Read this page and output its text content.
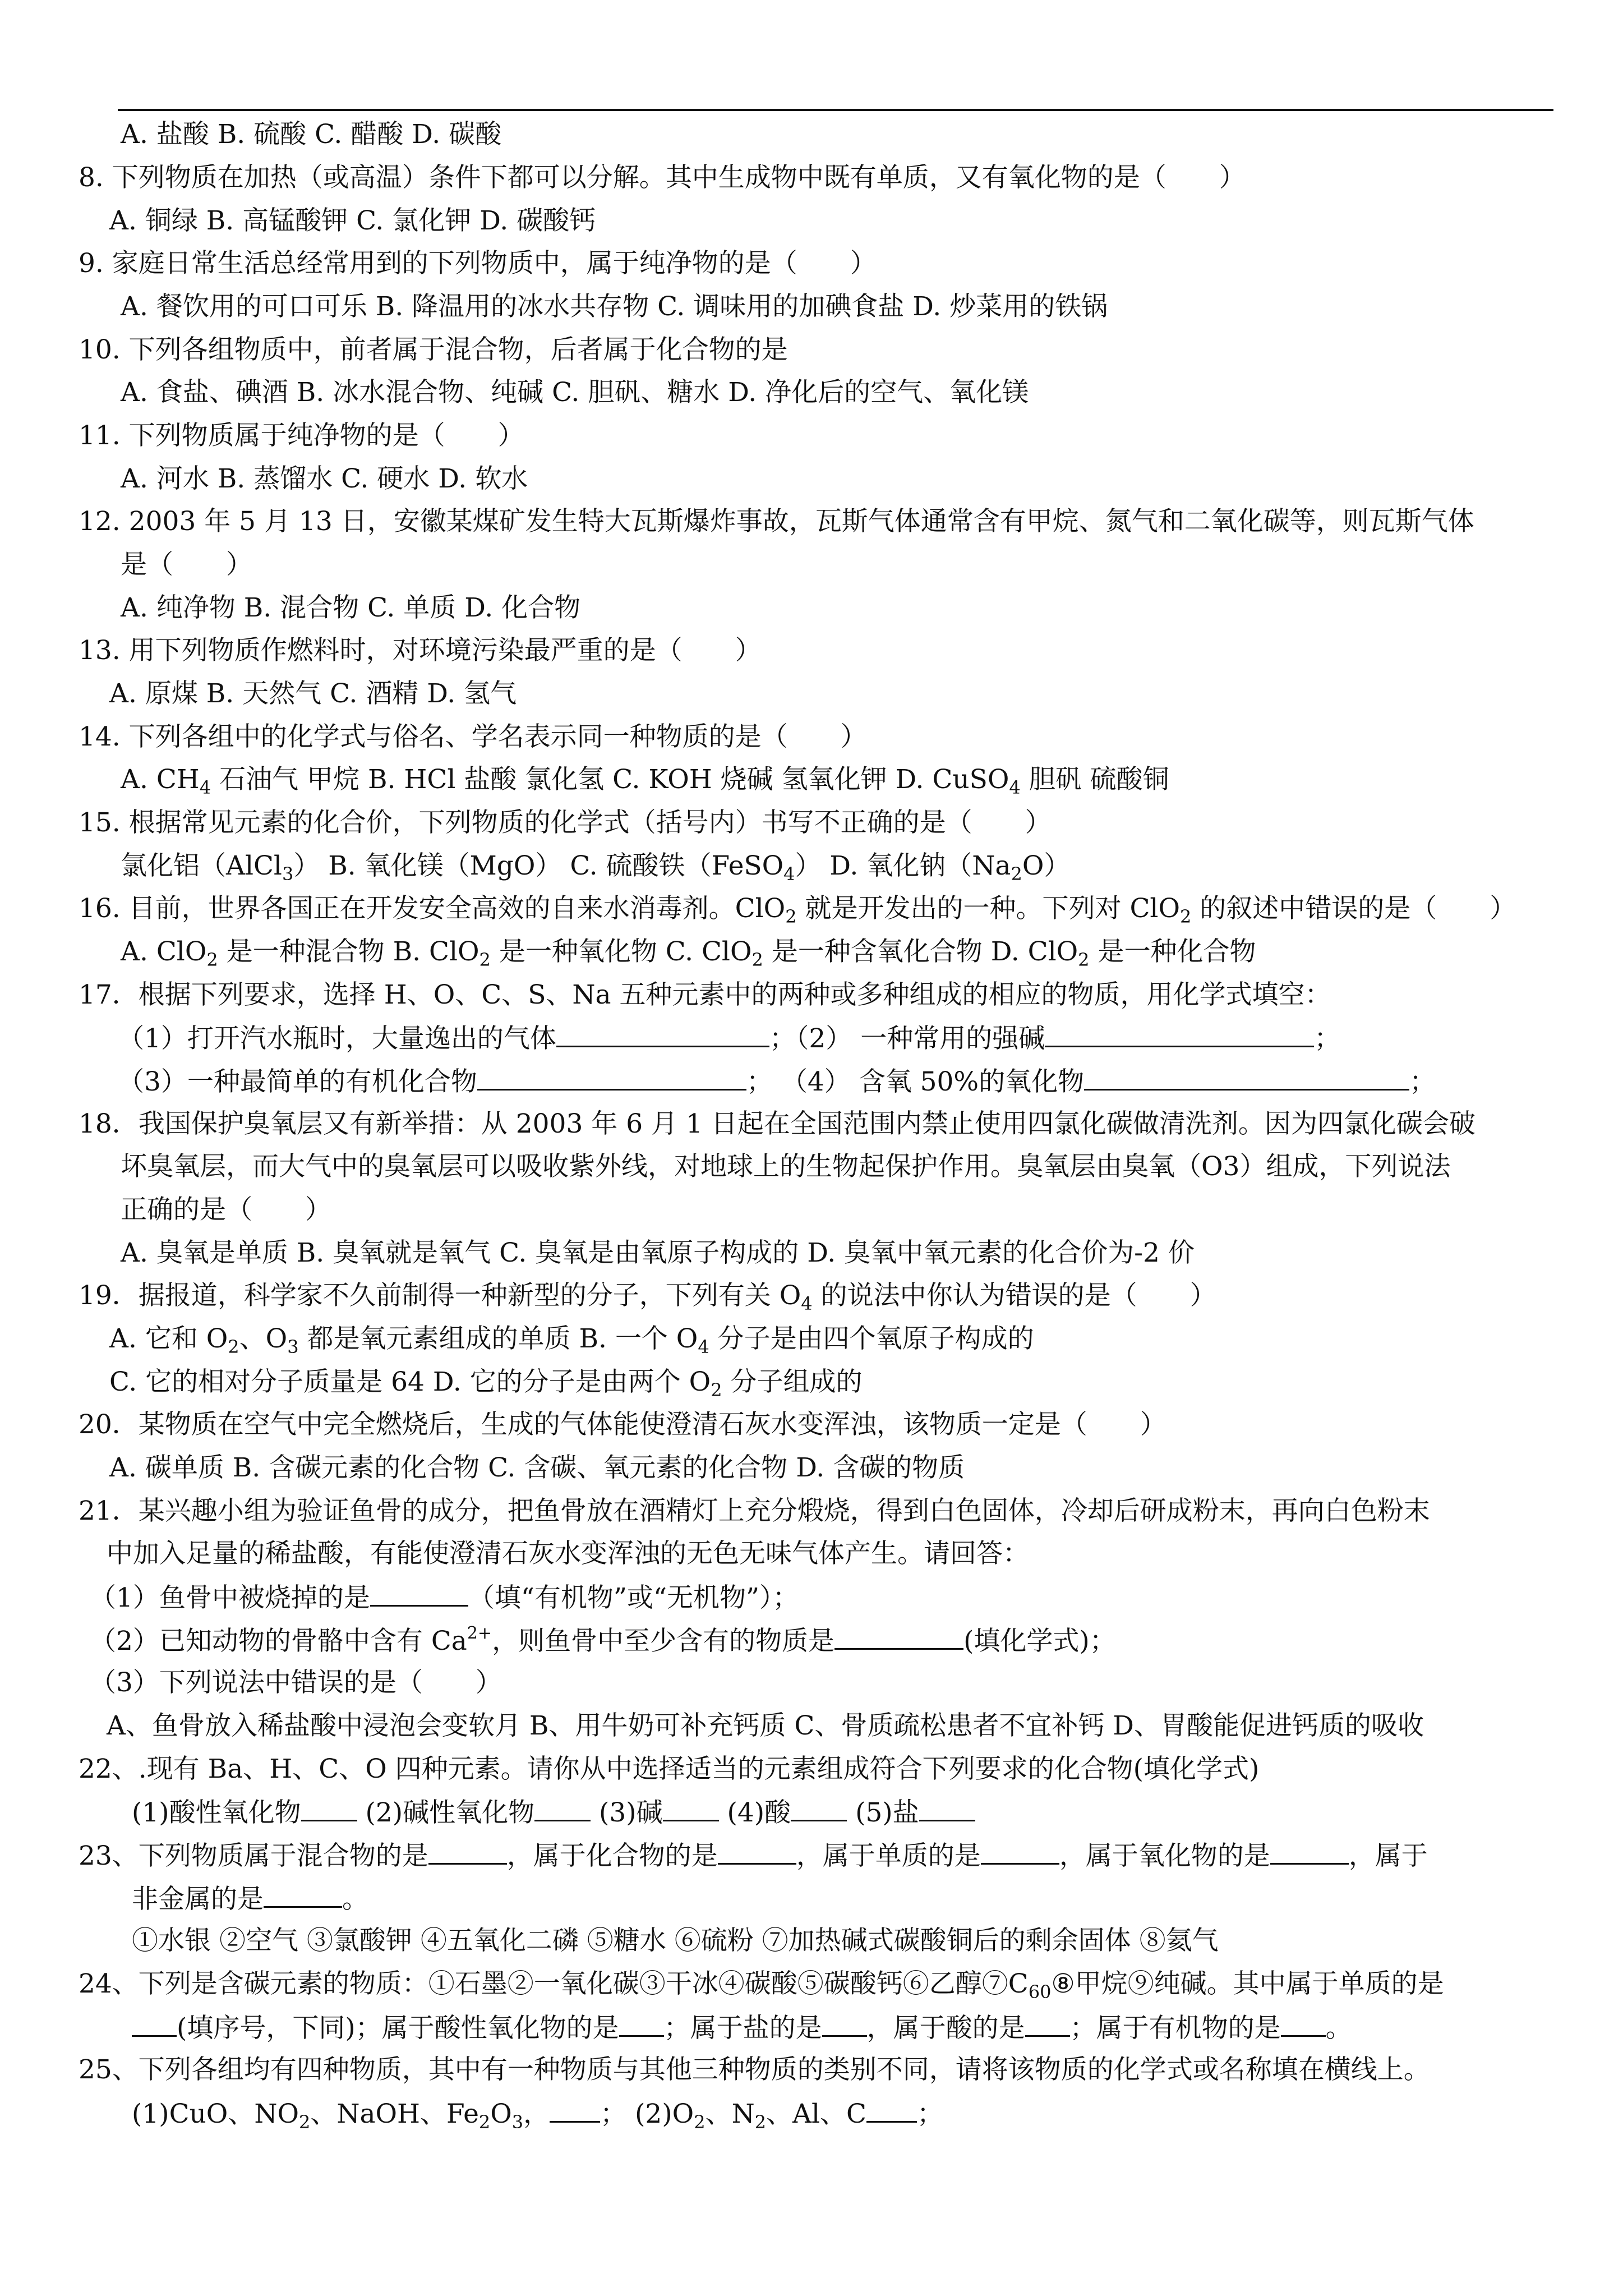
A. 盐酸 B. 硫酸 C. 醋酸 D. 碳酸
8. 下列物质在加热（或高温）条件下都可以分解。其中生成物中既有单质，又有氧化物的是（　　）
A. 铜绿 B. 高锰酸钾 C. 氯化钾 D. 碳酸钙
9. 家庭日常生活总经常用到的下列物质中，属于纯净物的是（　　）
A. 餐饮用的可口可乐 B. 降温用的冰水共存物 C. 调味用的加碘食盐 D. 炒菜用的铁锅
10. 下列各组物质中，前者属于混合物，后者属于化合物的是
A. 食盐、碘酒 B. 冰水混合物、纯碱 C. 胆矾、糖水 D. 净化后的空气、氧化镁
11. 下列物质属于纯净物的是（　　）
A. 河水 B. 蒸馏水 C. 硬水 D. 软水
12. 2003 年 5 月 13 日，安徽某煤矿发生特大瓦斯爆炸事故，瓦斯气体通常含有甲烷、氮气和二氧化碳等，则瓦斯气体
是（　　）
A. 纯净物 B. 混合物 C. 单质 D. 化合物
13. 用下列物质作燃料时，对环境污染最严重的是（　　）
A. 原煤 B. 天然气 C. 酒精 D. 氢气
14. 下列各组中的化学式与俗名、学名表示同一种物质的是（　　）
A. $CH_4$ 石油气 甲烷 B. HCl 盐酸 氯化氢 C. KOH 烧碱 氢氧化钾 D. CuSO$_4$ 胆矾 硫酸铜
15. 根据常见元素的化合价，下列物质的化学式（括号内）书写不正确的是（　　）
氯化铝（AlCl$_3$） B. 氧化镁（MgO） C. 硫酸铁（FeSO$_4$） D. 氧化钠$(Na_2O)$
16. 目前，世界各国正在开发安全高效的自来水消毒剂。ClO$_2$ 就是开发出的一种。下列对 ClO$_2$ 的叙述中错误的是（　　）
A. ClO$_2$ 是一种混合物 B. ClO$_2$ 是一种氧化物 C. ClO$_2$ 是一种含氧化合物 D. ClO$_2$ 是一种化合物
17．根据下列要求，选择 H、O、C、S、Na 五种元素中的两种或多种组成的相应的物质，用化学式填空：
（1）打开汽水瓶时，大量逸出的气体	；（2） 一种常用的强碱	；
（3）一种最简单的有机化合物	； （4） 含氧 50%的氧化物	；
18．我国保护臭氧层又有新举措：从 2003 年 6 月 1 日起在全国范围内禁止使用四氯化碳做清洗剂。因为四氯化碳会破
坏臭氧层，而大气中的臭氧层可以吸收紫外线，对地球上的生物起保护作用。臭氧层由臭氧（O3）组成，下列说法
正确的是（　　）
A. 臭氧是单质 B. 臭氧就是氧气 C. 臭氧是由氧原子构成的 D. 臭氧中氧元素的化合价为-2 价
19．据报道，科学家不久前制得一种新型的分子，下列有关 $O_4$ 的说法中你认为错误的是（　　）
A. 它和 $O_2$、$O_3$ 都是氧元素组成的单质 B. 一个 $O_4$ 分子是由四个氧原子构成的
C. 它的相对分子质量是 64 D. 它的分子是由两个 $O_2$ 分子组成的
20．某物质在空气中完全燃烧后，生成的气体能使澄清石灰水变浑浊，该物质一定是（　　）
A. 碳单质 B. 含碳元素的化合物 C. 含碳、氧元素的化合物 D. 含碳的物质
21．某兴趣小组为验证鱼骨的成分，把鱼骨放在酒精灯上充分煅烧，得到白色固体，冷却后研成粉末，再向白色粉末
中加入足量的稀盐酸，有能使澄清石灰水变浑浊的无色无味气体产生。请回答：
（1）鱼骨中被烧掉的是	（填“有机物”或“无机物”）；
（2）已知动物的骨骼中含有 $Ca^{2+}$，则鱼骨中至少含有的物质是	(填化学式)；
（3）下列说法中错误的是（　　）
A、鱼骨放入稀盐酸中浸泡会变软月 B、用牛奶可补充钙质 C、骨质疏松患者不宜补钙 D、胃酸能促进钙质的吸收
22、.现有 Ba、H、C、O 四种元素。请你从中选择适当的元素组成符合下列要求的化合物(填化学式)
(1)酸性氧化物 (2)碱性氧化物 (3)碱 (4)酸 (5)盐
23、下列物质属于混合物的是	，属于化合物的是	，属于单质的是	，属于氧化物的是	，属于
非金属的是	。
①水银 ②空气 ③氯酸钾 ④五氧化二磷 ⑤糖水 ⑥硫粉 ⑦加热碱式碳酸铜后的剩余固体 ⑧氦气
24、下列是含碳元素的物质：①石墨②一氧化碳③干冰④碳酸⑤碳酸钙⑥乙醇$⑦C_{60}⑧$甲烷⑨纯碱。其中属于单质的是
(填序号，下同)；属于酸性氧化物的是 ；属于盐的是 ，属于酸的是 ；属于有机物的是 。
25、下列各组均有四种物质，其中有一种物质与其他三种物质的类别不同，请将该物质的化学式或名称填在横线上。
(1)CuO、$NO_2$、NaOH、$Fe_2O_3$， ； $(2)O_2$、$N_2$、Al、C ；
